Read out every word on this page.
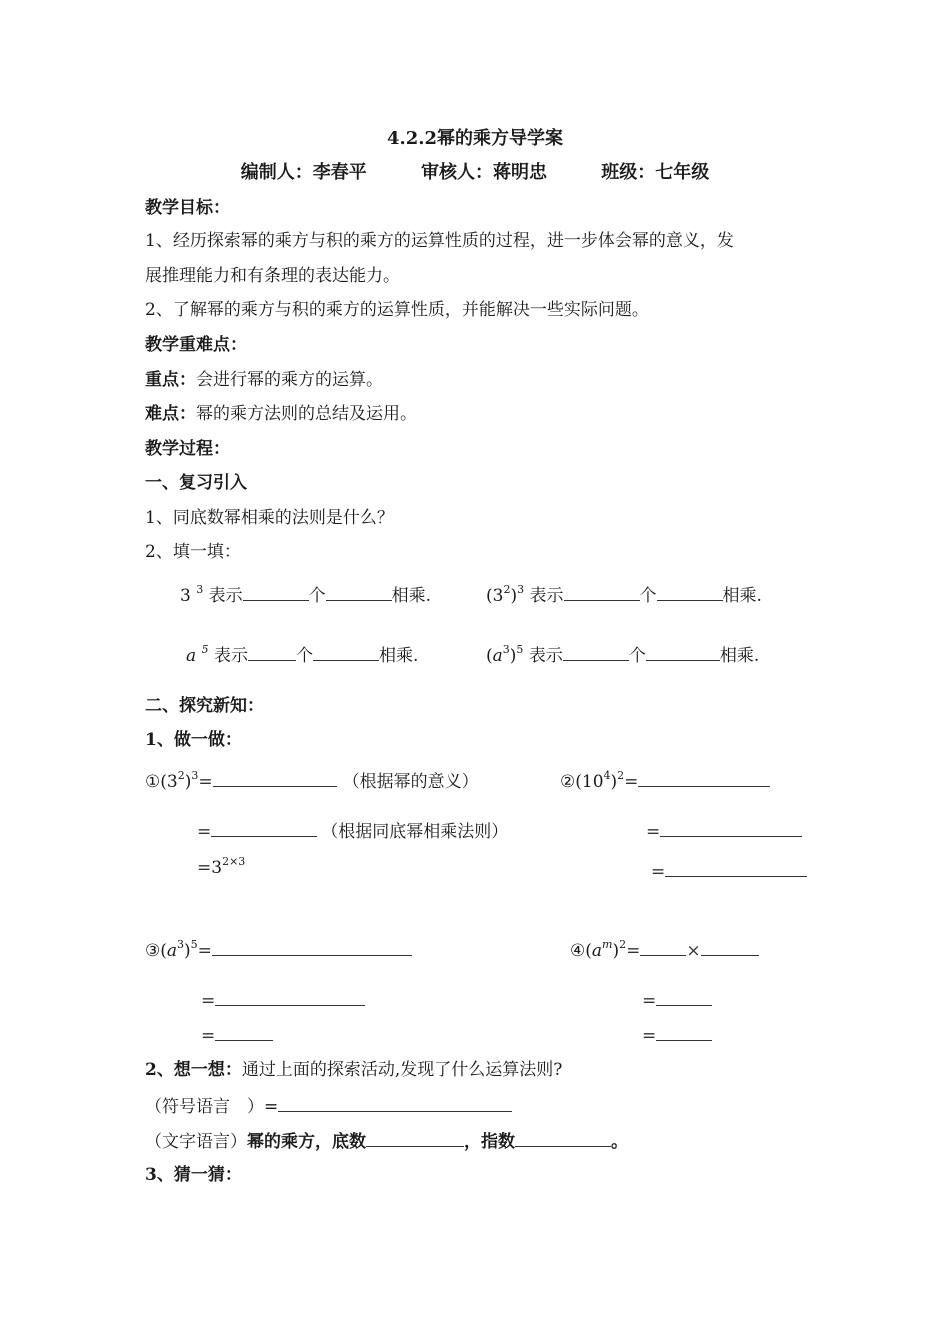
4.2.2幂的乘方导学案
编制人：李春平	审核人：蒋明忠	班级：七年级
教学目标：
1、经历探索幂的乘方与积的乘方的运算性质的过程，进一步体会幂的意义，发
展推理能力和有条理的表达能力。
2、了解幂的乘方与积的乘方的运算性质，并能解决一些实际问题。
教学重难点：
重点：会进行幂的乘方的运算。
难点：幂的乘方法则的总结及运用。
教学过程：
一、复习引入
1、同底数幂相乘的法则是什么？
2、填一填：
3 $^3$ 表示	个	相乘.	$(3^2)^3$ 表示	个	相乘.
a $^5$ 表示	个	相乘.	$(a^3)^5$ 表示	个	相乘.
二、探究新知：
1、做一做：
$①(3^2)^3=$	（根据幂的意义）
=	（根据同底幂相乘法则）
$=3^{2\times 3}$
$②(10^4)^2=$
=
=
$③(a^3)^5=$
=
=
$④(a^m)^2=$	×
=
=
2、想一想：通过上面的探索活动,发现了什么运算法则?
（符号语言　）=
（文字语言）幂的乘方，底数	，指数	。
3、猜一猜：
